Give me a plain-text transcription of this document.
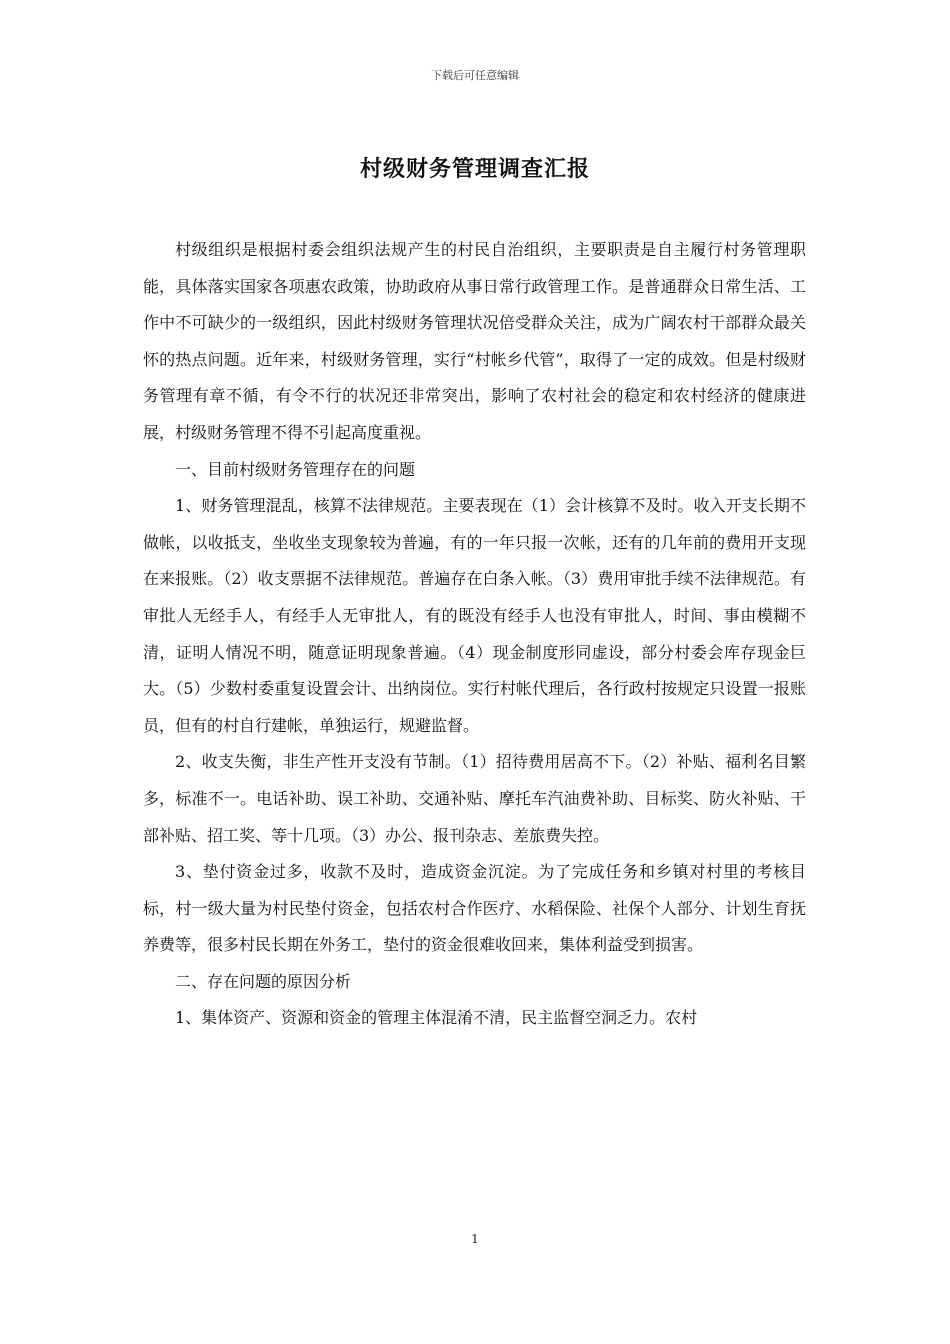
下载后可任意编辑
村级财务管理调查汇报

村级组织是根据村委会组织法规产生的村民自治组织，主要职责是自主履行村务管理职能，具体落实国家各项惠农政策，协助政府从事日常行政管理工作。是普通群众日常生活、工作中不可缺少的一级组织，因此村级财务管理状况倍受群众关注，成为广阔农村干部群众最关怀的热点问题。近年来，村级财务管理，实行“村帐乡代管”，取得了一定的成效。但是村级财务管理有章不循，有令不行的状况还非常突出，影响了农村社会的稳定和农村经济的健康进展，村级财务管理不得不引起高度重视。

一、目前村级财务管理存在的问题

1、财务管理混乱，核算不法律规范。主要表现在（1）会计核算不及时。收入开支长期不做帐，以收抵支，坐收坐支现象较为普遍，有的一年只报一次帐，还有的几年前的费用开支现在来报账。（2）收支票据不法律规范。普遍存在白条入帐。（3）费用审批手续不法律规范。有审批人无经手人，有经手人无审批人，有的既没有经手人也没有审批人，时间、事由模糊不清，证明人情况不明，随意证明现象普遍。（4）现金制度形同虚设，部分村委会库存现金巨大。（5）少数村委重复设置会计、出纳岗位。实行村帐代理后，各行政村按规定只设置一报账员，但有的村自行建帐，单独运行，规避监督。

2、收支失衡，非生产性开支没有节制。（1）招待费用居高不下。（2）补贴、福利名目繁多，标准不一。电话补助、误工补助、交通补贴、摩托车汽油费补助、目标奖、防火补贴、干部补贴、招工奖、等十几项。（3）办公、报刊杂志、差旅费失控。

3、垫付资金过多，收款不及时，造成资金沉淀。为了完成任务和乡镇对村里的考核目标，村一级大量为村民垫付资金，包括农村合作医疗、水稻保险、社保个人部分、计划生育抚养费等，很多村民长期在外务工，垫付的资金很难收回来，集体利益受到损害。

二、存在问题的原因分析

1、集体资产、资源和资金的管理主体混淆不清，民主监督空洞乏力。农村

1
